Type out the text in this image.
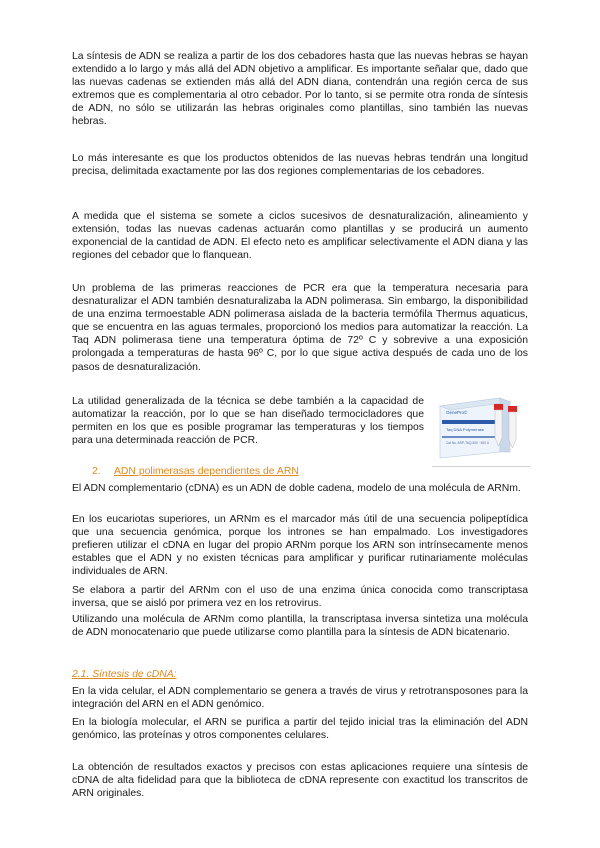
La síntesis de ADN se realiza a partir de los dos cebadores hasta que las nuevas hebras se hayan extendido a lo largo y más allá del ADN objetivo a amplificar. Es importante señalar que, dado que las nuevas cadenas se extienden más allá del ADN diana, contendrán una región cerca de sus extremos que es complementaria al otro cebador. Por lo tanto, si se permite otra ronda de síntesis de ADN, no sólo se utilizarán las hebras originales como plantillas, sino también las nuevas hebras.

Lo más interesante es que los productos obtenidos de las nuevas hebras tendrán una longitud precisa, delimitada exactamente por las dos regiones complementarias de los cebadores.

A medida que el sistema se somete a ciclos sucesivos de desnaturalización, alineamiento y extensión, todas las nuevas cadenas actuarán como plantillas y se producirá un aumento exponencial de la cantidad de ADN. El efecto neto es amplificar selectivamente el ADN diana y las regiones del cebador que lo flanquean.

Un problema de las primeras reacciones de PCR era que la temperatura necesaria para desnaturalizar el ADN también desnaturalizaba la ADN polimerasa. Sin embargo, la disponibilidad de una enzima termoestable ADN polimerasa aislada de la bacteria termófila Thermus aquaticus, que se encuentra en las aguas termales, proporcionó los medios para automatizar la reacción. La Taq ADN polimerasa tiene una temperatura óptima de 72º C y sobrevive a una exposición prolongada a temperaturas de hasta 96º C, por lo que sigue activa después de cada uno de los pasos de desnaturalización.

La utilidad generalizada de la técnica se debe también a la capacidad de automatizar la reacción, por lo que se han diseñado termocicladores que permiten en los que es posible programar las temperaturas y los tiempos para una determinada reacción de PCR.

GenePro©
Taq DNA Polymerase
Cat No. ARP-TAQ-500 · 500 U
2. ADN polimerasas dependientes de ARN

El ADN complementario (cDNA) es un ADN de doble cadena, modelo de una molécula de ARNm.

En los eucariotas superiores, un ARNm es el marcador más útil de una secuencia polipeptídica que una secuencia genómica, porque los intrones se han empalmado. Los investigadores prefieren utilizar el cDNA en lugar del propio ARNm porque los ARN son intrínsecamente menos estables que el ADN y no existen técnicas para amplificar y purificar rutinariamente moléculas individuales de ARN.

Se elabora a partir del ARNm con el uso de una enzima única conocida como transcriptasa inversa, que se aisló por primera vez en los retrovirus.

Utilizando una molécula de ARNm como plantilla, la transcriptasa inversa sintetiza una molécula de ADN monocatenario que puede utilizarse como plantilla para la síntesis de ADN bicatenario.

2.1. Síntesis de cDNA:

En la vida celular, el ADN complementario se genera a través de virus y retrotransposones para la integración del ARN en el ADN genómico.

En la biología molecular, el ARN se purifica a partir del tejido inicial tras la eliminación del ADN genómico, las proteínas y otros componentes celulares.

La obtención de resultados exactos y precisos con estas aplicaciones requiere una síntesis de cDNA de alta fidelidad para que la biblioteca de cDNA represente con exactitud los transcritos de ARN originales.
